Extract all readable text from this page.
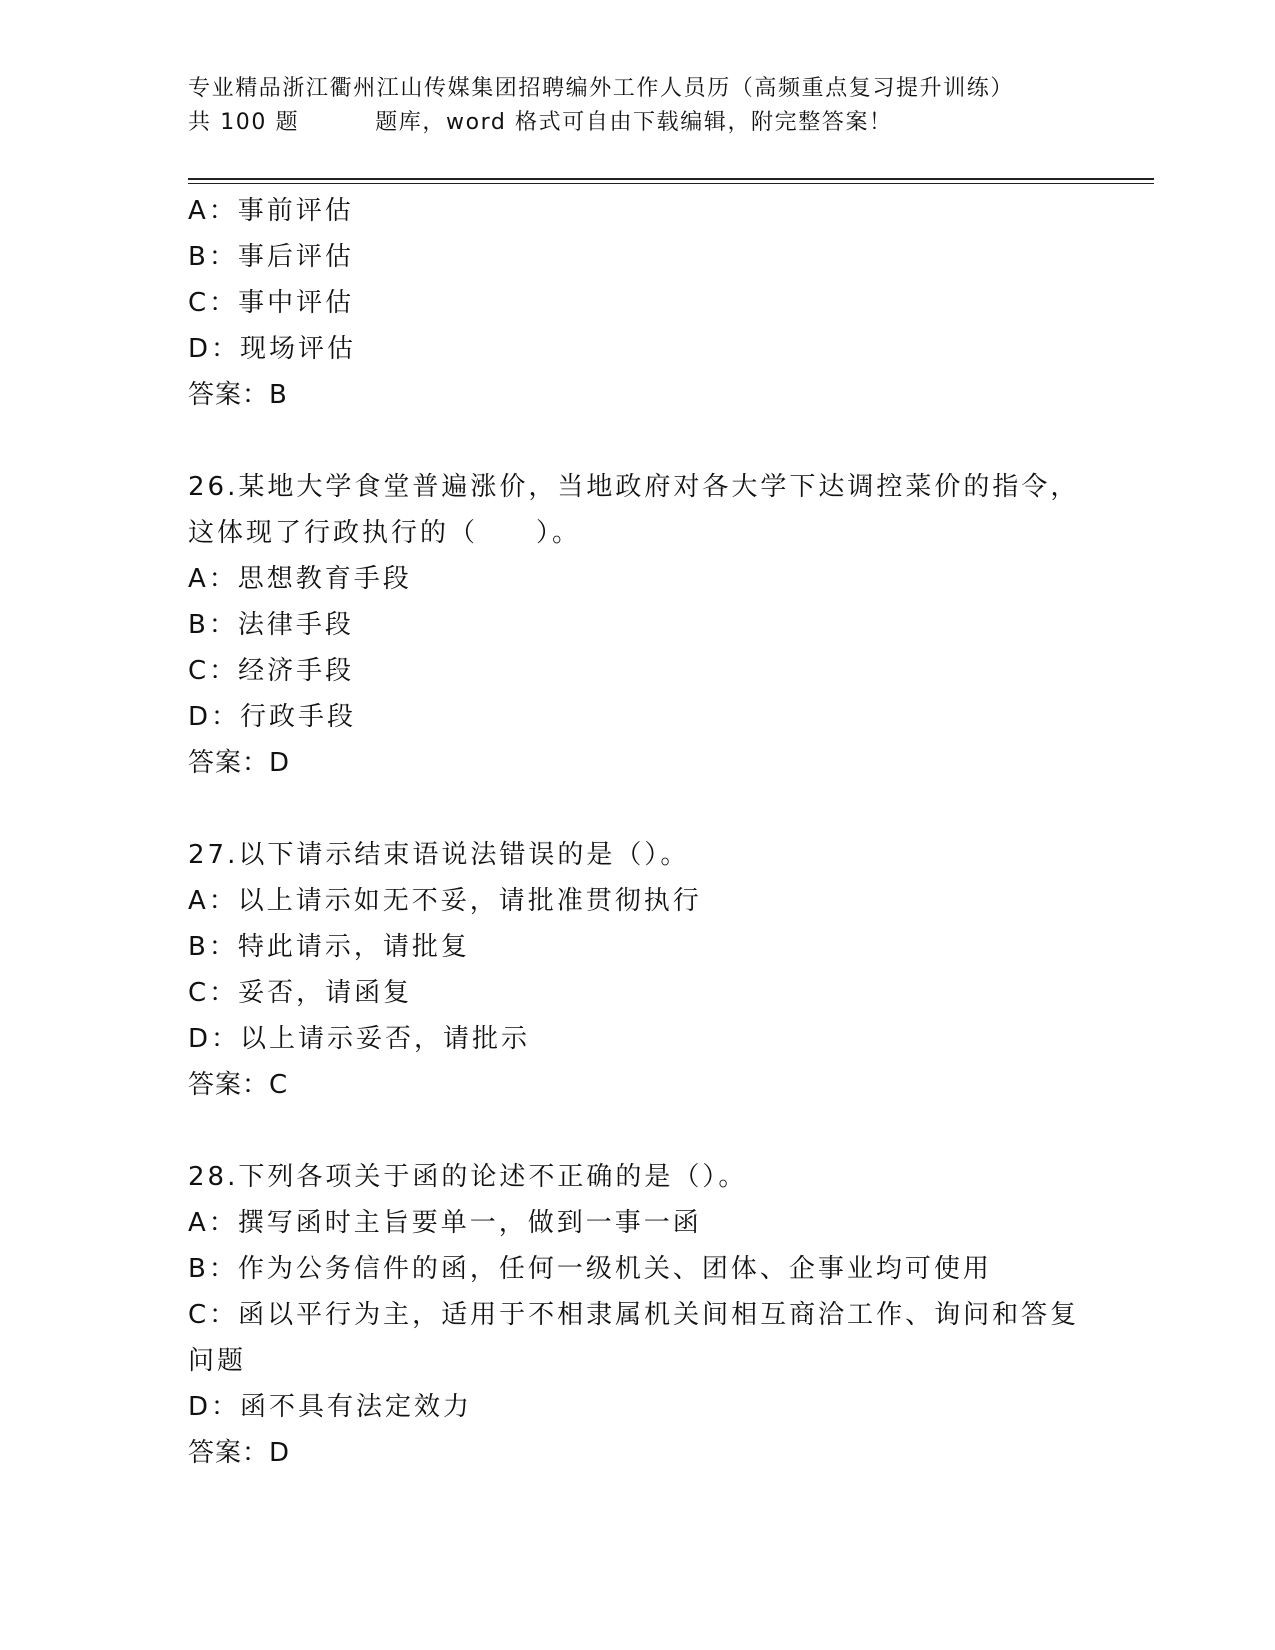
专业精品浙江衢州江山传媒集团招聘编外工作人员历（高频重点复习提升训练）
共 100 题	题库，word 格式可自由下载编辑，附完整答案！
A：事前评估
B：事后评估
C：事中评估
D：现场评估
答案：B
26.某地大学食堂普遍涨价，当地政府对各大学下达调控菜价的指令，
这体现了行政执行的（　　）。
A：思想教育手段
B：法律手段
C：经济手段
D：行政手段
答案：D
27.以下请示结束语说法错误的是（）。
A：以上请示如无不妥，请批准贯彻执行
B：特此请示，请批复
C：妥否，请函复
D：以上请示妥否，请批示
答案：C
28.下列各项关于函的论述不正确的是（）。
A：撰写函时主旨要单一，做到一事一函
B：作为公务信件的函，任何一级机关、团体、企事业均可使用
C：函以平行为主，适用于不相隶属机关间相互商洽工作、询问和答复
问题
D：函不具有法定效力
答案：D
